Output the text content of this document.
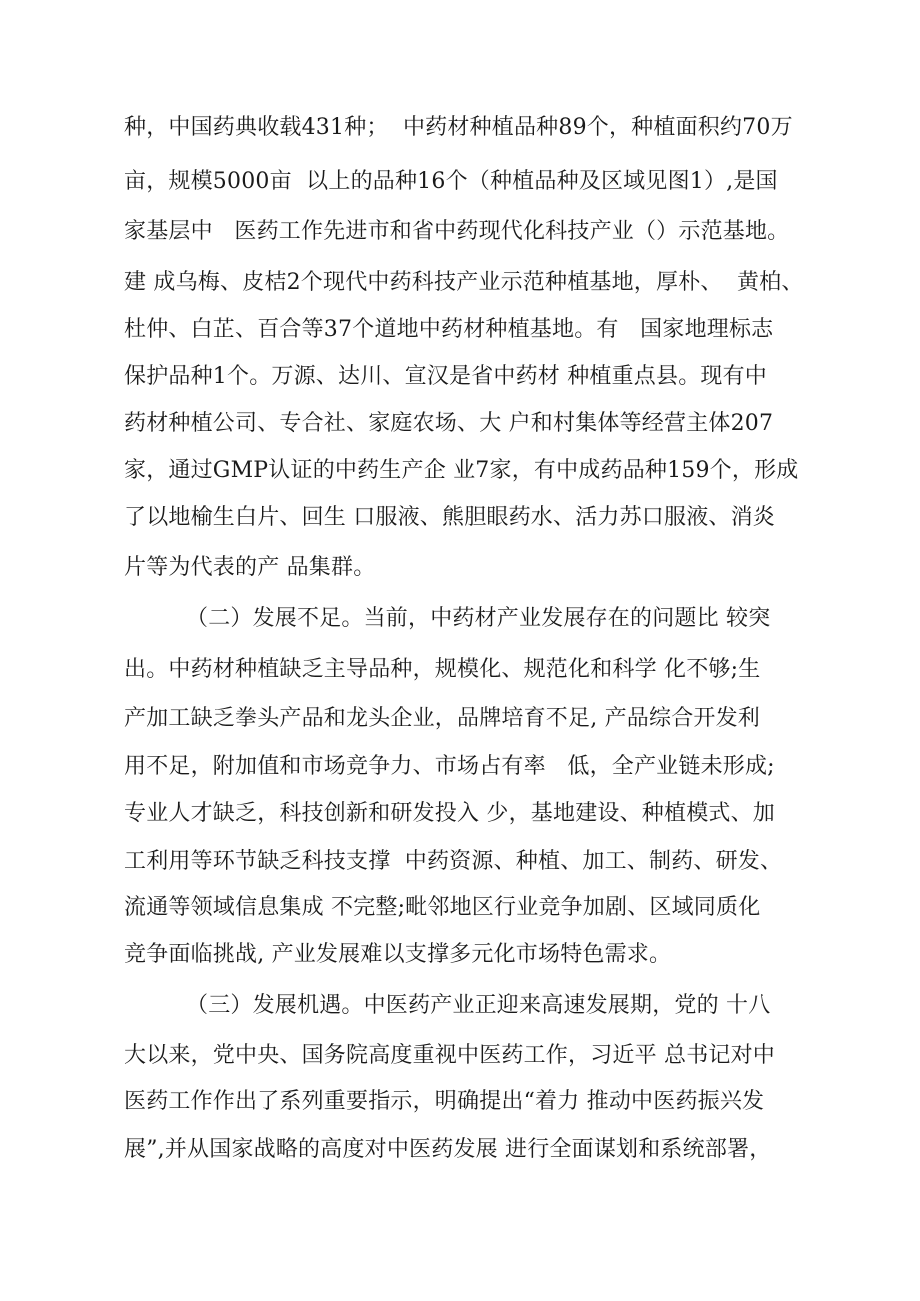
种，中国药典收载431种；  中药材种植品种89个，种植面积约70万
亩，规模5000亩  以上的品种16个（种植品种及区域见图1）,是国
家基层中   医药工作先进市和省中药现代化科技产业（）示范基地。
建 成乌梅、皮桔2个现代中药科技产业示范种植基地，厚朴、  黄柏、
杜仲、白芷、百合等37个道地中药材种植基地。有   国家地理标志
保护品种1个。万源、达川、宣汉是省中药材 种植重点县。现有中
药材种植公司、专合社、家庭农场、大 户和村集体等经营主体207
家，通过GMP认证的中药生产企 业7家，有中成药品种159个，形成
了以地榆生白片、回生 口服液、熊胆眼药水、活力苏口服液、消炎
片等为代表的产 品集群。
（二）发展不足。当前，中药材产业发展存在的问题比 较突
出。中药材种植缺乏主导品种，规模化、规范化和科学 化不够;生
产加工缺乏拳头产品和龙头企业，品牌培育不足, 产品综合开发利
用不足，附加值和市场竞争力、市场占有率   低，全产业链未形成;
专业人才缺乏，科技创新和研发投入 少，基地建设、种植模式、加
工利用等环节缺乏科技支撑  中药资源、种植、加工、制药、研发、
流通等领域信息集成 不完整;毗邻地区行业竞争加剧、区域同质化
竞争面临挑战, 产业发展难以支撑多元化市场特色需求。
（三）发展机遇。中医药产业正迎来高速发展期，党的 十八
大以来，党中央、国务院高度重视中医药工作，习近平 总书记对中
医药工作作出了系列重要指示，明确提出“着力 推动中医药振兴发
展”,并从国家战略的高度对中医药发展 进行全面谋划和系统部署，
